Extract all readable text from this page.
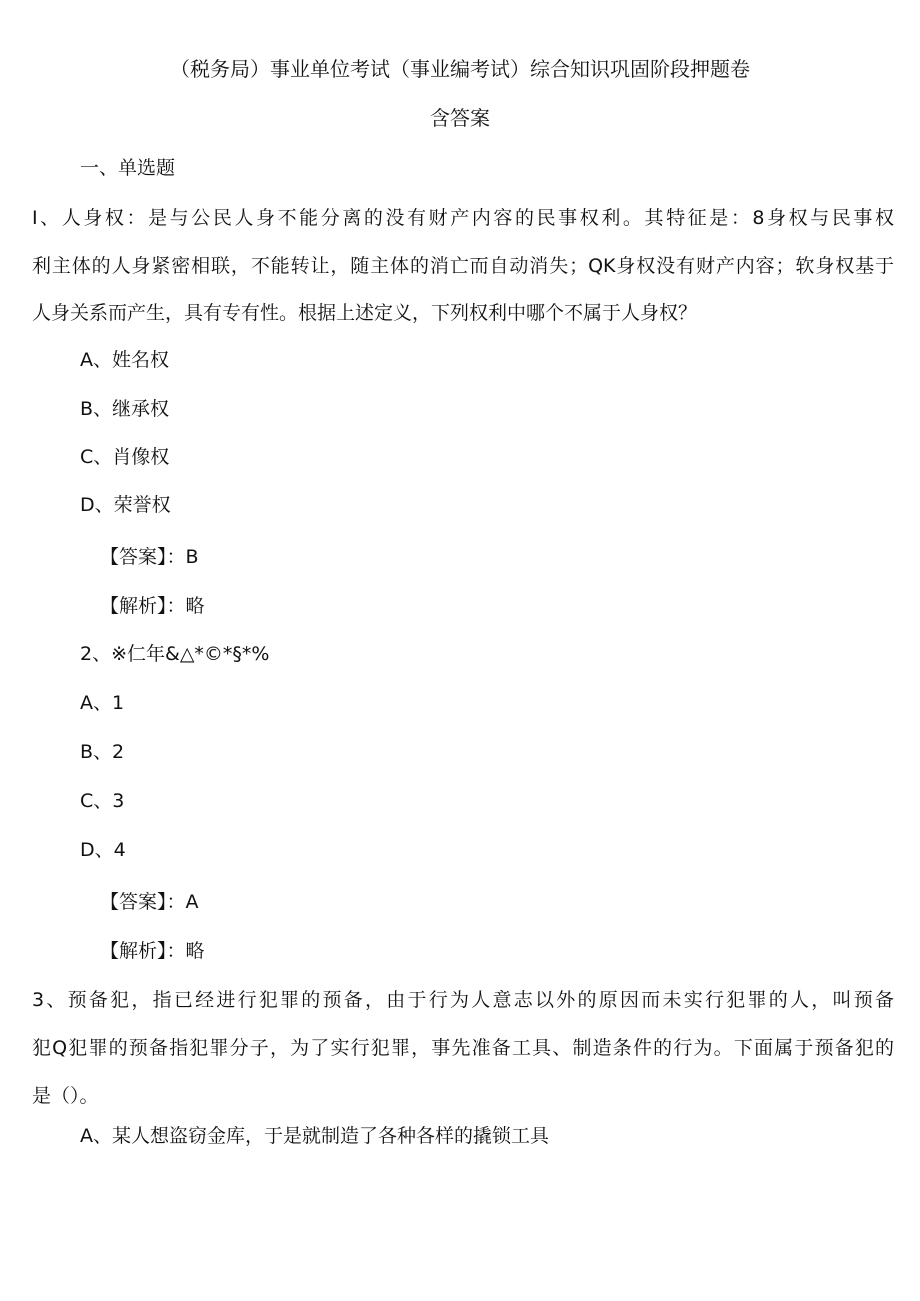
（税务局）事业单位考试（事业编考试）综合知识巩固阶段押题卷
含答案
一、单选题
I、人身权：是与公民人身不能分离的没有财产内容的民事权利。其特征是：8身权与民事权
利主体的人身紧密相联，不能转让，随主体的消亡而自动消失；QK身权没有财产内容；软身权基于
人身关系而产生，具有专有性。根据上述定义，下列权利中哪个不属于人身权？
A、姓名权
B、继承权
C、肖像权
D、荣誉权
【答案】：B
【解析】：略
2、※仁年&△*©*§*%
A、1
B、2
C、3
D、4
【答案】：A
【解析】：略
3、预备犯，指已经进行犯罪的预备，由于行为人意志以外的原因而未实行犯罪的人，叫预备
犯Q犯罪的预备指犯罪分子，为了实行犯罪，事先准备工具、制造条件的行为。下面属于预备犯的
是（）。
A、某人想盗窃金库，于是就制造了各种各样的撬锁工具
